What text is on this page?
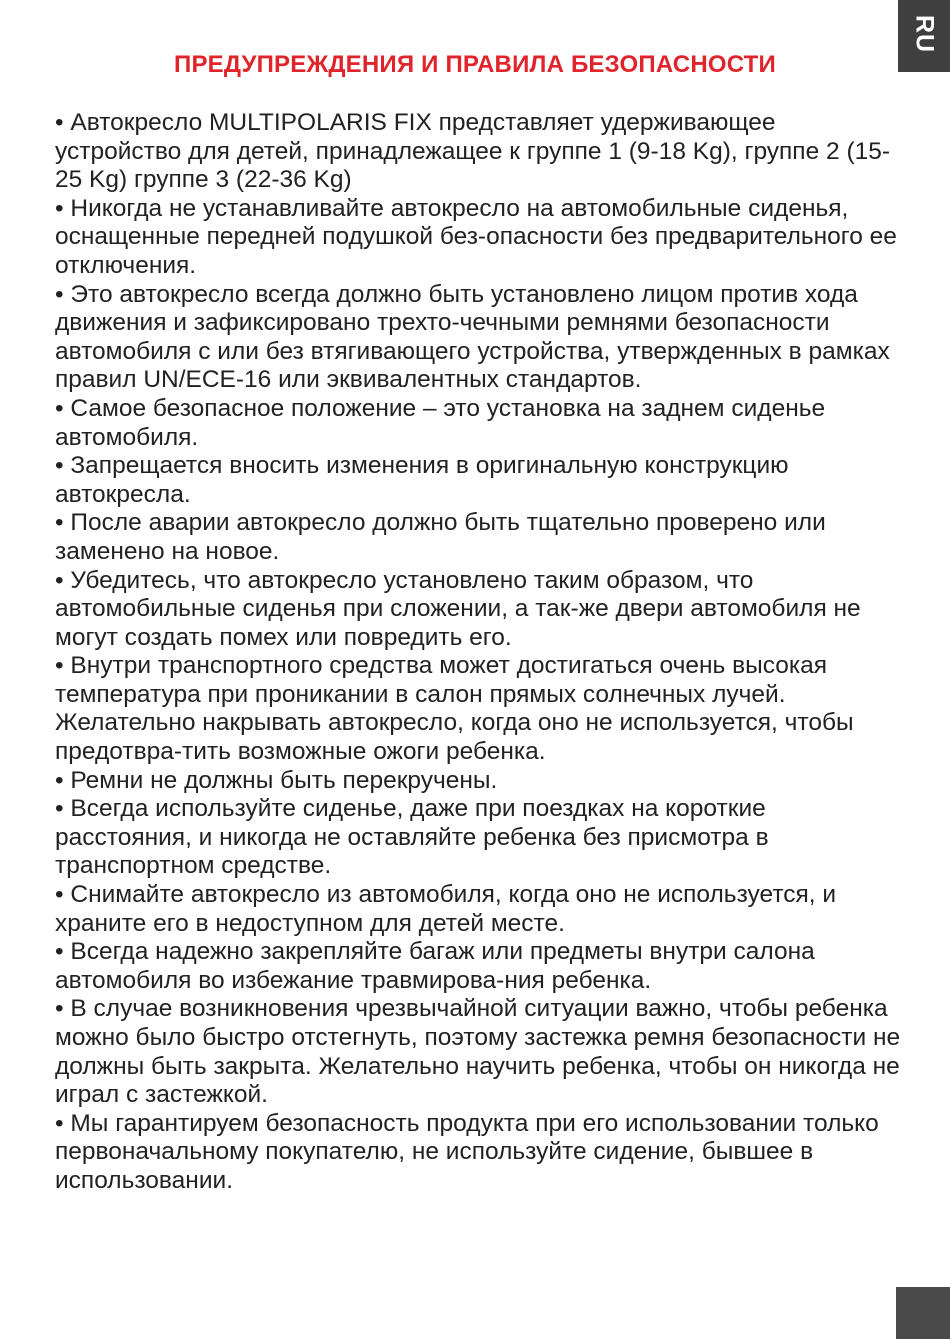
RU
ПРЕДУПРЕЖДЕНИЯ И ПРАВИЛА БЕЗОПАСНОСТИ

• Автокресло MULTIPOLARIS FIX представляет удерживающее устройство для детей, принадлежащее к группе 1 (9-18 Kg), группе 2 (15-25 Kg) группе 3 (22-36 Kg)

• Никогда не устанавливайте автокресло на автомобильные сиденья, оснащенные передней подушкой без-опасности без предварительного ее отключения.

• Это автокресло всегда должно быть установлено лицом против хода движения и зафиксировано трехто-чечными ремнями безопасности автомобиля с или без втягивающего устройства, утвержденных в рамках правил UN/ECE-16 или эквивалентных стандартов.

• Самое безопасное положение – это установка на заднем сиденье автомобиля.

• Запрещается вносить изменения в оригинальную конструкцию автокресла.

• После аварии автокресло должно быть тщательно проверено или заменено на новое.

• Убедитесь, что автокресло установлено таким образом, что автомобильные сиденья при сложении, а так-же двери автомобиля не могут создать помех или повредить его.

• Внутри транспортного средства может достигаться очень высокая температура при проникании в салон прямых солнечных лучей. Желательно накрывать автокресло, когда оно не используется, чтобы предотвра-тить возможные ожоги ребенка.

• Ремни не должны быть перекручены.

• Всегда используйте сиденье, даже при поездках на короткие расстояния, и никогда не оставляйте ребенка без присмотра в транспортном средстве.

• Снимайте автокресло из автомобиля, когда оно не используется, и храните его в недоступном для детей месте.

• Всегда надежно закрепляйте багаж или предметы внутри салона автомобиля во избежание травмирова-ния ребенка.

• В случае возникновения чрезвычайной ситуации важно, чтобы ребенка можно было быстро отстегнуть, поэтому застежка ремня безопасности не должны быть закрыта. Желательно научить ребенка, чтобы он никогда не играл с застежкой.

• Мы гарантируем безопасность продукта при его использовании только первоначальному покупателю, не используйте сидение, бывшее в использовании.
